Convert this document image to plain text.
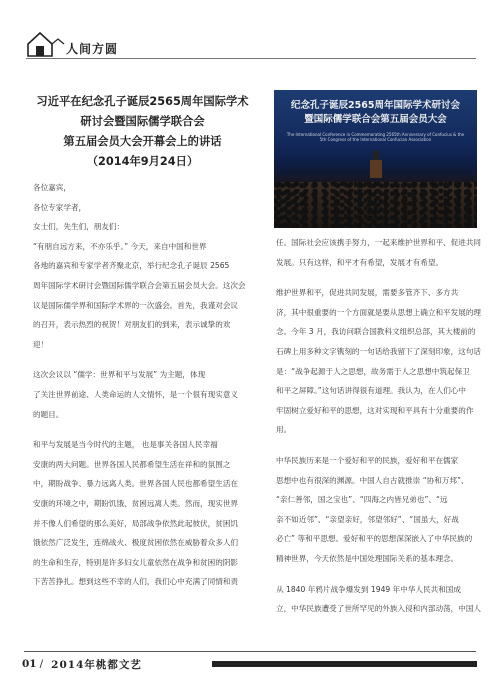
人间方圆
习近平在纪念孔子诞辰2565周年国际学术
研讨会暨国际儒学联合会
第五届会员大会开幕会上的讲话
（2014年9月24日）
纪念孔子诞辰2565周年国际学术研讨会
暨国际儒学联合会第五届会员大会
The International Conference in Commemorating 2565th Anniversary of Confucius & the 5th Congress of the International Confucian Association

各位嘉宾，

各位专家学者，

女士们，先生们，朋友们：

“有朋自远方来，不亦乐乎。” 今天，来自中国和世界

各地的嘉宾和专家学者齐聚北京，举行纪念孔子诞辰 2565

周年国际学术研讨会暨国际儒学联合会第五届会员大会。这次会

议是国际儒学界和国际学术界的一次盛会。首先，我谨对会议

的召开，表示热烈的祝贺！对朋友们的到来，表示诚挚的欢

迎！

这次会议以 “儒学：世界和平与发展” 为主题，体现

了关注世界前途、人类命运的人文情怀，是一个很有现实意义

的题目。

和平与发展是当今时代的主题， 也是事关各国人民幸福

安康的两大问题。世界各国人民都希望生活在祥和的氛围之

中，期盼战争、暴力远离人类。世界各国人民也都希望生活在

安康的环境之中，期盼饥饿、贫困远离人类。然而，现实世界

并不像人们希望的那么美好，局部战争依然此起彼伏，贫困饥

饿依然广泛发生，连绵战火、极度贫困依然在威胁着众多人们

的生命和生存，特别是许多妇女儿童依然在战争和贫困的阴影

下苦苦挣扎。想到这些不幸的人们，我们心中充满了同情和责

任。国际社会应该携手努力，一起来维护世界和平、促进共同

发展。只有这样，和平才有希望，发展才有希望。

维护世界和平，促进共同发展，需要多管齐下、多方共

济，其中很重要的一个方面就是要从思想上确立和平发展的理

念。今年 3 月，我访问联合国教科文组织总部，其大楼前的

石碑上用多种文字镌刻的一句话给我留下了深刻印象，这句话

是：“战争起源于人之思想，故务需于人之思想中筑起保卫

和平之屏障。”这句话讲得很有道理。我认为，在人们心中

牢固树立爱好和平的思想，这对实现和平具有十分重要的作

用。

中华民族历来是一个爱好和平的民族，爱好和平在儒家

思想中也有很深的渊源。中国人自古就推崇 “协和万邦”、

“亲仁善邻，国之宝也”、“四海之内皆兄弟也”、“远

亲不如近邻”、“亲望亲好，邻望邻好”、“国虽大，好战

必亡” 等和平思想。爱好和平的思想深深嵌入了中华民族的

精神世界，今天依然是中国处理国际关系的基本理念。

从 1840 年鸦片战争爆发到 1949 年中华人民共和国成

立，中华民族遭受了世所罕见的外族入侵和内部动荡，中国人

01 / 2014年桃都文艺
